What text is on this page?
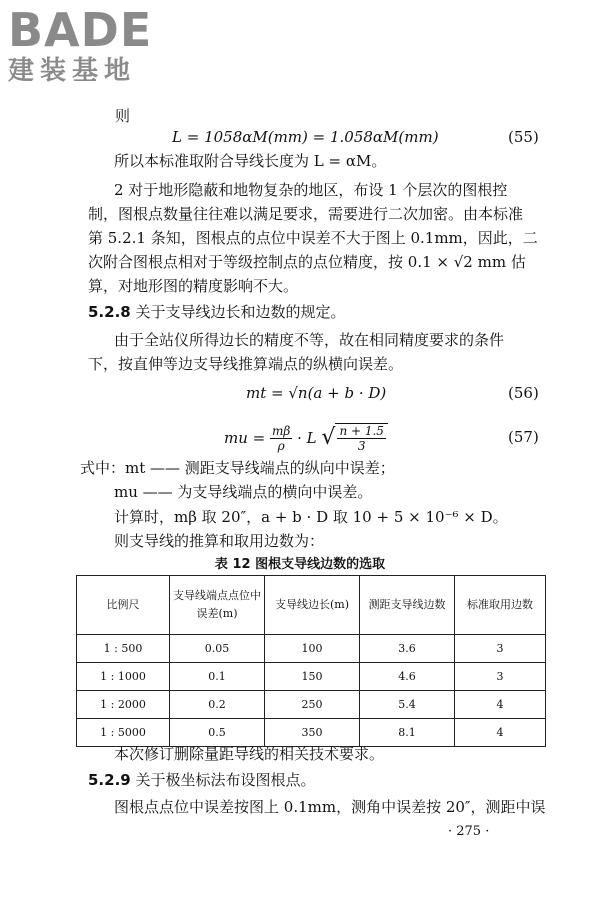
BADE
建装基地
则
L = 1058αM(mm) = 1.058αM(mm)	(55)
所以本标准取附合导线长度为 L = αM。
2 对于地形隐蔽和地物复杂的地区，布设 1 个层次的图根控
制，图根点数量往往难以满足要求，需要进行二次加密。由本标准
第 5.2.1 条知，图根点的点位中误差不大于图上 0.1mm，因此，二
次附合图根点相对于等级控制点的点位精度，按 0.1 × √2 mm 估
算，对地形图的精度影响不大。
5.2.8 关于支导线边长和边数的规定。
由于全站仪所得边长的精度不等，故在相同精度要求的条件
下，按直伸等边支导线推算端点的纵横向误差。
mt = √n(a + b · D)	(56)
mu =
$\frac{m\beta}{\rho}$
· L
√ $\frac{n + 1.5}{3}$	(57)
式中：mt —— 测距支导线端点的纵向中误差；
mu —— 为支导线端点的横向中误差。
计算时，mβ 取 20″，a + b · D 取 10 + 5 × 10⁻⁶ × D。
则支导线的推算和取用边数为：
表 12 图根支导线边数的选取
比例尺	支导线端点点位中误差(m)	支导线边长(m)	测距支导线边数	标准取用边数
1 : 500	0.05	100	3.6	3
1 : 1000	0.1	150	4.6	3
1 : 2000	0.2	250	5.4	4
1 : 5000	0.5	350	8.1	4
本次修订删除量距导线的相关技术要求。
5.2.9 关于极坐标法布设图根点。
图根点点位中误差按图上 0.1mm，测角中误差按 20″，测距中误
· 275 ·
